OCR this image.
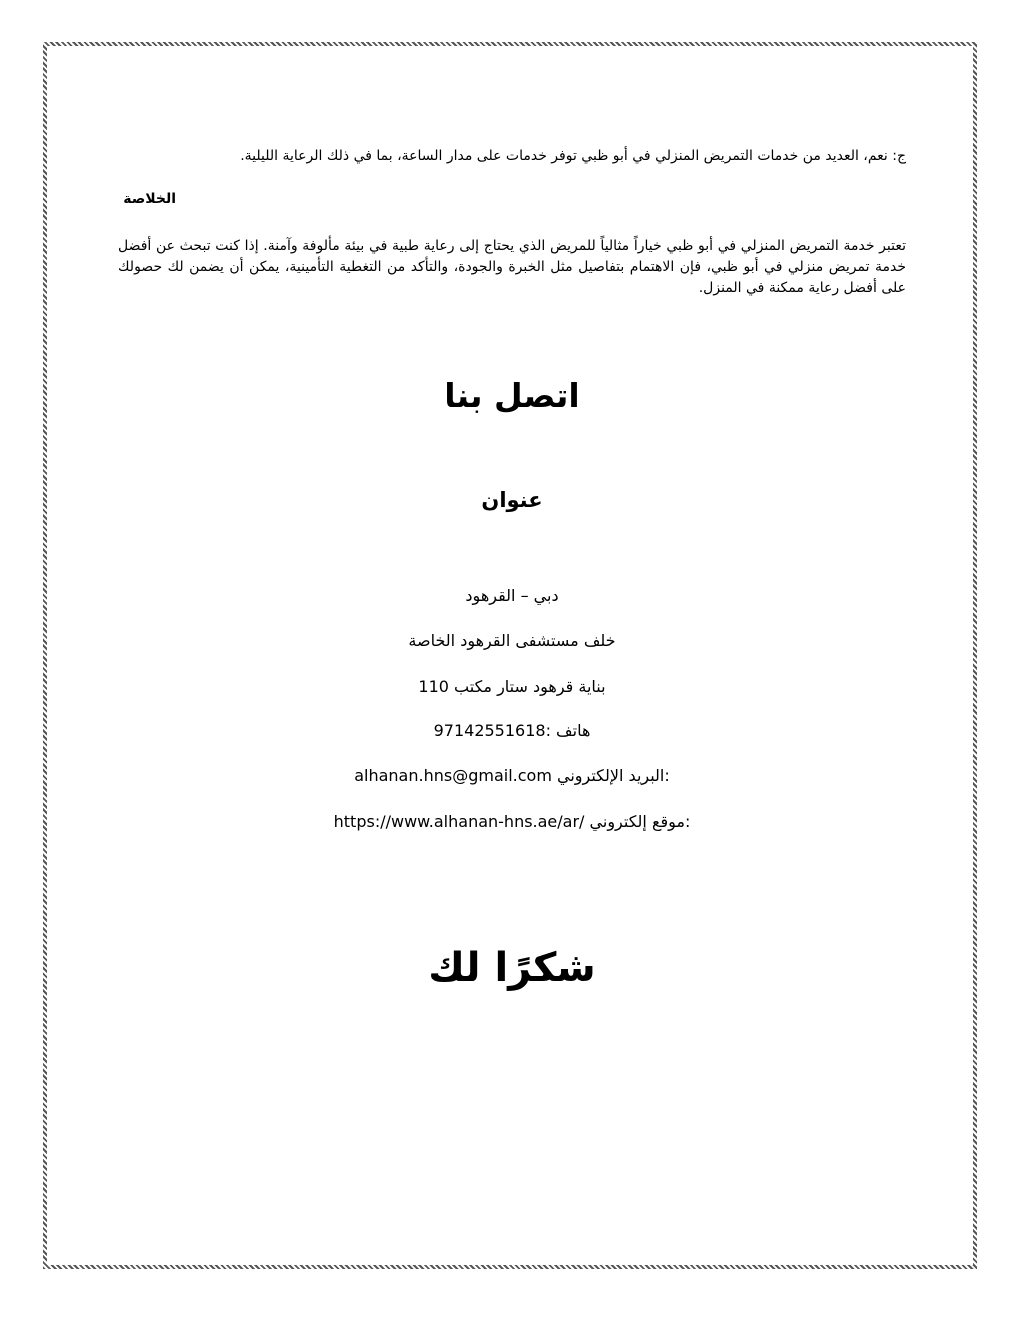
ج: نعم، العديد من خدمات التمريض المنزلي في أبو ظبي توفر خدمات على مدار الساعة، بما في ذلك الرعاية الليلية.
الخلاصة
تعتبر خدمة التمريض المنزلي في أبو ظبي خياراً مثالياً للمريض الذي يحتاج إلى رعاية طبية في بيئة مألوفة وآمنة. إذا كنت تبحث عن أفضل خدمة تمريض منزلي في أبو ظبي، فإن الاهتمام بتفاصيل مثل الخبرة والجودة، والتأكد من التغطية التأمينية، يمكن أن يضمن لك حصولك على أفضل رعاية ممكنة في المنزل.
اتصل بنا
عنوان
دبي – القرهود
خلف مستشفى القرهود الخاصة
بناية قرهود ستار مكتب 110
هاتف :97142551618
alhanan.hns@gmail.com :البريد الإلكتروني
https://www.alhanan-hns.ae/ar/ :موقع إلكتروني
شكرًا لك
